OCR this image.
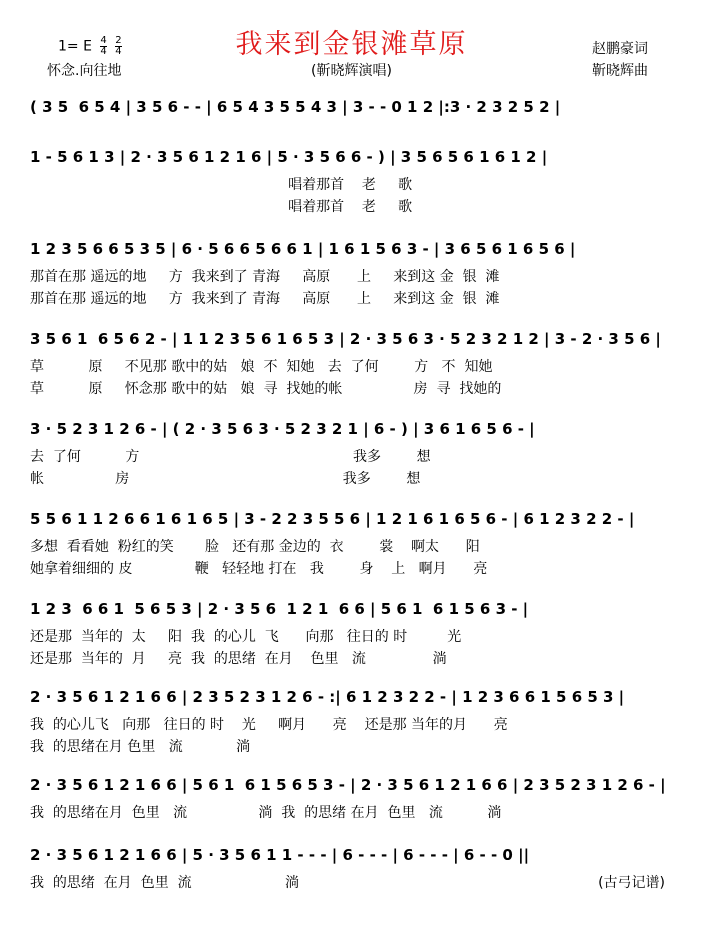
我来到金银滩草原
(靳晓辉演唱)
1= E $\frac{4}{4}$
$\frac{2}{4}$
怀念.向往地
赵鹏豪词
靳晓辉曲
( 3 5  6 5 4 | 3 5 6 - - | 6 5 4 3 5 5 4 3 | 3 - - 0 1 2 |:3 · 2 3 2 5 2 |
1 - 5 6 1 3 | 2 · 3 5 6 1 2 1 6 | 5 · 3 5 6 6 - ) | 3 5 6 5 6 1 6 1 2 |
唱着那首    老     歌
唱着那首    老     歌
1 2 3 5 6 6 5 3 5 | 6 · 5 6 6 5 6 6 1 | 1 6 1 5 6 3 - | 3 6 5 6 1 6 5 6 |
那首在那 遥远的地     方  我来到了 青海     高原      上     来到这 金  银  滩
那首在那 遥远的地     方  我来到了 青海     高原      上     来到这 金  银  滩
3 5 6 1  6 5 6 2 - | 1 1 2 3 5 6 1 6 5 3 | 2 · 3 5 6 3 · 5 2 3 2 1 2 | 3 - 2 · 3 5 6 |
草          原     不见那 歌中的姑   娘  不  知她   去  了何        方   不  知她
草          原     怀念那 歌中的姑   娘  寻  找她的帐                房  寻  找她的
3 · 5 2 3 1 2 6 - | ( 2 · 3 5 6 3 · 5 2 3 2 1 | 6 - ) | 3 6 1 6 5 6 - |
去  了何          方                                                我多        想
帐                房                                                我多        想
5 5 6 1 1 2 6 6 1 6 1 6 5 | 3 - 2 2 3 5 5 6 | 1 2 1 6 1 6 5 6 - | 6 1 2 3 2 2 - |
多想  看看她  粉红的笑       脸   还有那 金边的  衣        裳    啊太      阳
她拿着细细的 皮              鞭   轻轻地 打在   我        身    上   啊月      亮
1 2 3  6 6 1  5 6 5 3 | 2 · 3 5 6  1 2 1  6 6 | 5 6 1  6 1 5 6 3 - |
还是那  当年的  太     阳  我  的心儿  飞      向那   往日的 时         光
还是那  当年的  月     亮  我  的思绪  在月    色里   流               淌
2 · 3 5 6 1 2 1 6 6 | 2 3 5 2 3 1 2 6 - :| 6 1 2 3 2 2 - | 1 2 3 6 6 1 5 6 5 3 |
我  的心儿飞   向那   往日的 时    光     啊月      亮    还是那 当年的月      亮
我  的思绪在月 色里   流            淌
2 · 3 5 6 1 2 1 6 6 | 5 6 1  6 1 5 6 5 3 - | 2 · 3 5 6 1 2 1 6 6 | 2 3 5 2 3 1 2 6 - |
我  的思绪在月  色里   流                淌  我  的思绪 在月  色里   流          淌
2 · 3 5 6 1 2 1 6 6 | 5 · 3 5 6 1 1 - - - | 6 - - - | 6 - - - | 6 - - 0 ||
我  的思绪  在月  色里  流                     淌	(古弓记谱)
